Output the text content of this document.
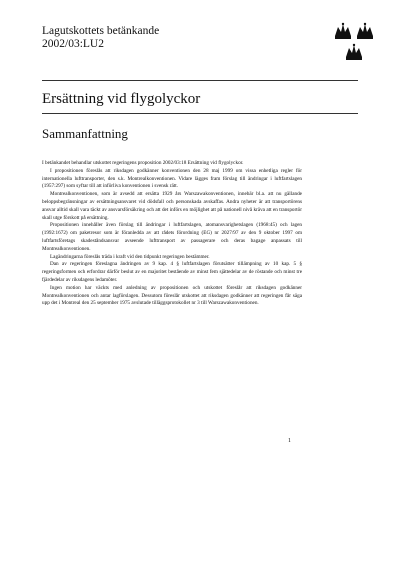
Lagutskottets betänkande
2002/03:LU2
Ersättning vid flygolyckor
Sammanfattning

I betänkandet behandlar utskottet regeringens proposition 2002/03:18 Ersättning vid flygolyckor.

I propositionen föreslås att riksdagen godkänner konventionen den 28 maj 1999 om vissa enhetliga regler för internationella lufttransporter, den s.k. Montrealkonventionen. Vidare lägges fram förslag till ändringar i luftfartslagen (1957:297) som syftar till att införliva konventionen i svensk rätt.

Montrealkonventionen, som är avsedd att ersätta 1929 års Warszawakonventionen, innebär bl.a. att nu gällande beloppsbegränsningar av ersättningsansvaret vid dödsfall och personskada avskaffas. Andra nyheter är att transportörens ansvar alltid skall vara täckt av ansvarsförsäkring och att det införs en möjlighet att på nationell nivå kräva att en transportör skall utge förskott på ersättning.

Propositionen innehåller även förslag till ändringar i luftfartslagen, atomansvarighetslagen (1968:45) och lagen (1992:1672) om paketresor som är föranledda av att rådets förordning (EG) nr 2027/97 av den 9 oktober 1997 om luftfartsföretags skadeståndsansvar avseende lufttransport av passagerare och deras bagage anpassats till Montrealkonventionen.

Lagändringarna föreslås träda i kraft vid den tidpunkt regeringen bestämmer.

Dan av regeringen föreslagna ändringen av 9 kap. 4 § luftfartslagen förutsätter tillämpning av 10 kap. 5 § regeringsformen och erfordrar därför beslut av en majoritet bestående av minst fem sjättedelar av de röstande och minst tre fjärdedelar av riksdagens ledamöter.

Ingen motion har väckts med anledning av propositionen och utskottet föreslår att riksdagen godkänner Montrealkonventionen och antar lagförslagen. Dessutom föreslår utskottet att riksdagen godkänner att regeringen får säga upp det i Montreal den 25 september 1975 avslutade tilläggsprotokollet nr 3 till Warszawakonventionen.

1
